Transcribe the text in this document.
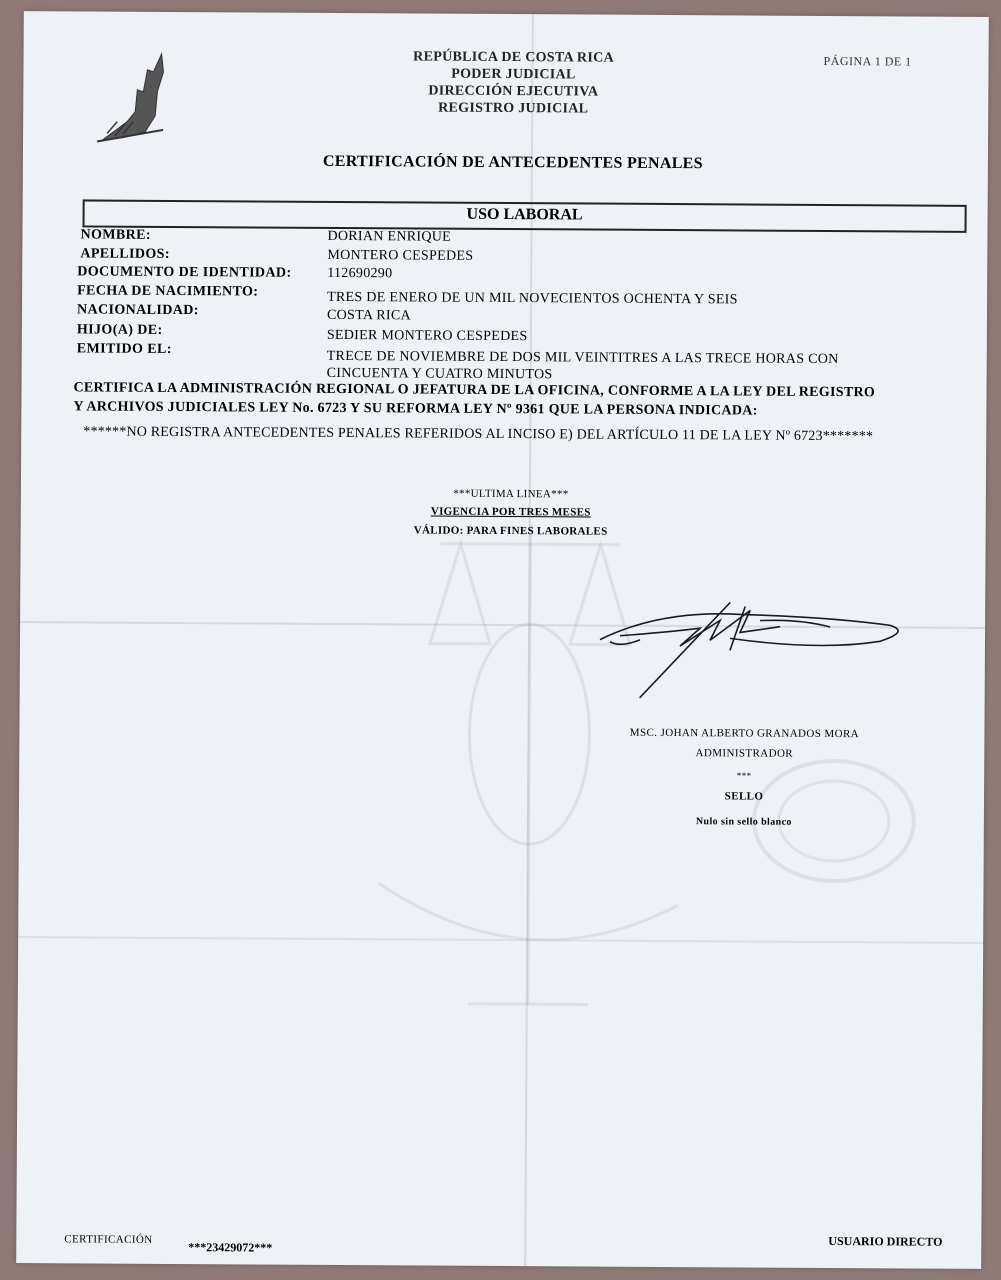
REPÚBLICA DE COSTA RICA
PODER JUDICIAL
DIRECCIÓN EJECUTIVA
REGISTRO JUDICIAL
PÁGINA 1 DE 1
CERTIFICACIÓN DE ANTECEDENTES PENALES
USO LABORAL
NOMBRE:	DORIAN ENRIQUE
APELLIDOS:	MONTERO CESPEDES
DOCUMENTO DE IDENTIDAD:	112690290
FECHA DE NACIMIENTO:	TRES DE ENERO DE UN MIL NOVECIENTOS OCHENTA Y SEIS
NACIONALIDAD:	COSTA RICA
HIJO(A) DE:	SEDIER MONTERO CESPEDES
EMITIDO EL:	TRECE DE NOVIEMBRE DE DOS MIL VEINTITRES A LAS TRECE HORAS CON
CINCUENTA Y CUATRO MINUTOS
CERTIFICA LA ADMINISTRACIÓN REGIONAL O JEFATURA DE LA OFICINA, CONFORME A LA LEY DEL REGISTRO
Y ARCHIVOS JUDICIALES LEY No. 6723 Y SU REFORMA LEY Nº 9361 QUE LA PERSONA INDICADA:
******NO REGISTRA ANTECEDENTES PENALES REFERIDOS AL INCISO E) DEL ARTÍCULO 11 DE LA LEY Nº 6723*******
***ULTIMA LINEA***
VIGENCIA POR TRES MESES
VÁLIDO: PARA FINES LABORALES
MSC. JOHAN ALBERTO GRANADOS MORA
ADMINISTRADOR
***
SELLO
Nulo sin sello blanco
CERTIFICACIÓN
***23429072***	USUARIO DIRECTO
